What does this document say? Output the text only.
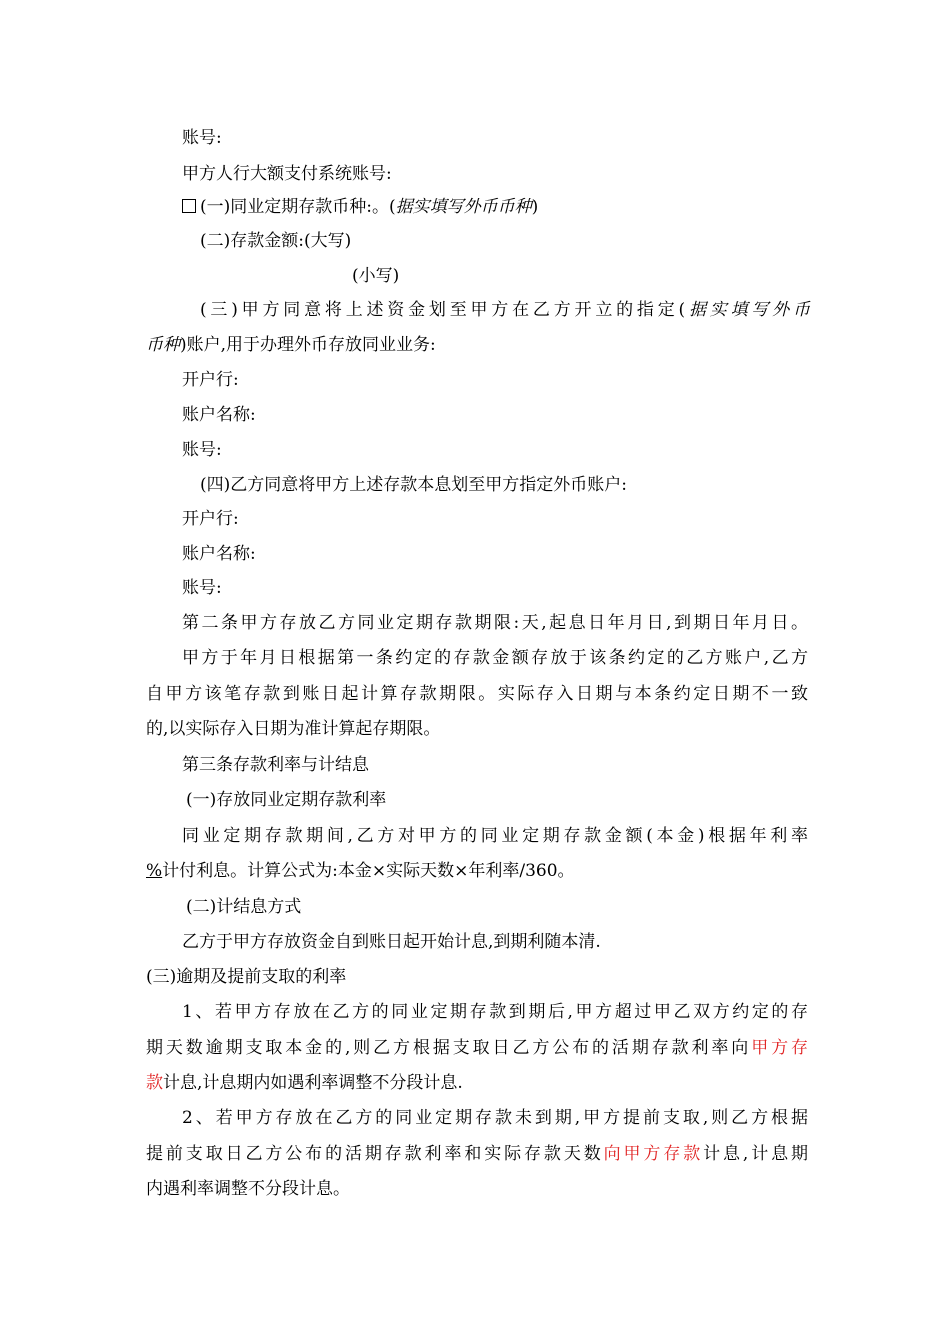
账号:
甲方人行大额支付系统账号:
(一)同业定期存款币种:。(据实填写外币币种)
(二)存款金额:(大写)
(小写)
(三)甲方同意将上述资金划至甲方在乙方开立的指定(据实填写外币
币种)账户,用于办理外币存放同业业务:
开户行:
账户名称:
账号:
(四)乙方同意将甲方上述存款本息划至甲方指定外币账户:
开户行:
账户名称:
账号:
第二条甲方存放乙方同业定期存款期限:天,起息日年月日,到期日年月日。
甲方于年月日根据第一条约定的存款金额存放于该条约定的乙方账户,乙方
自甲方该笔存款到账日起计算存款期限。实际存入日期与本条约定日期不一致
的,以实际存入日期为准计算起存期限。
第三条存款利率与计结息
(一)存放同业定期存款利率
同业定期存款期间,乙方对甲方的同业定期存款金额(本金)根据年利率
%计付利息。计算公式为:本金×实际天数×年利率/360。
(二)计结息方式
乙方于甲方存放资金自到账日起开始计息,到期利随本清.
(三)逾期及提前支取的利率
1、若甲方存放在乙方的同业定期存款到期后,甲方超过甲乙双方约定的存
期天数逾期支取本金的,则乙方根据支取日乙方公布的活期存款利率向甲方存
款计息,计息期内如遇利率调整不分段计息.
2、若甲方存放在乙方的同业定期存款未到期,甲方提前支取,则乙方根据
提前支取日乙方公布的活期存款利率和实际存款天数向甲方存款计息,计息期
内遇利率调整不分段计息。
